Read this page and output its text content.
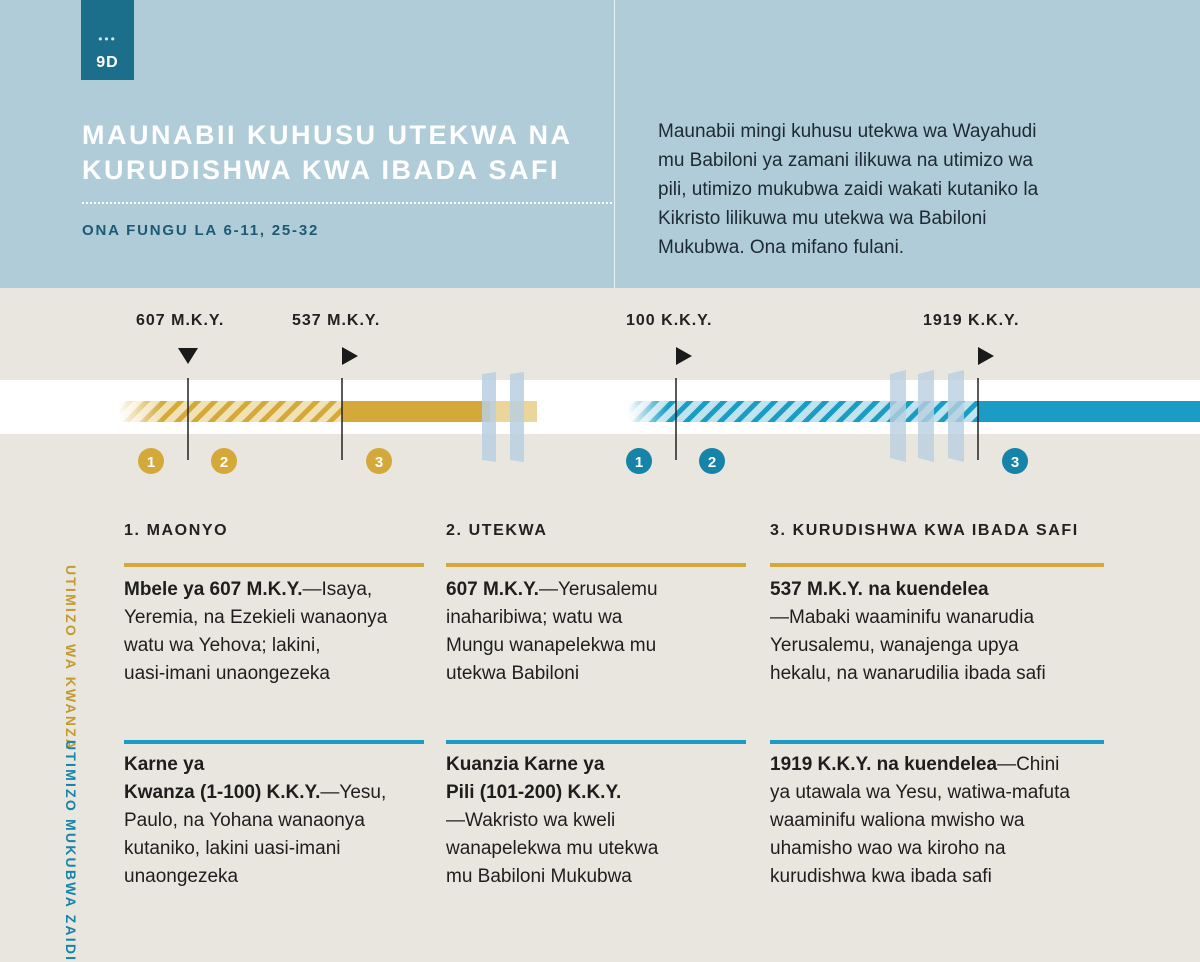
•••
9D
MAUNABII KUHUSU UTEKWA NA
KURUDISHWA KWA IBADA SAFI
ONA FUNGU LA 6-11, 25-32
Maunabii mingi kuhusu utekwa wa Wayahudi
mu Babiloni ya zamani ilikuwa na utimizo wa
pili, utimizo mukubwa zaidi wakati kutaniko la
Kikristo lilikuwa mu utekwa wa Babiloni
Mukubwa. Ona mifano fulani.
607 M.K.Y.	537 M.K.Y.	100 K.K.Y.	1919 K.K.Y.
1	2	3	1	2	3
1. MAONYO	2. UTEKWA	3. KURUDISHWA KWA IBADA SAFI
UTIMIZO WA KWANZA
Mbele ya 607 M.K.Y.—Isaya,
Yeremia, na Ezekieli wanaonya
watu wa Yehova; lakini,
uasi-imani unaongezeka
607 M.K.Y.—Yerusalemu
inaharibiwa; watu wa
Mungu wanapelekwa mu
utekwa Babiloni
537 M.K.Y. na kuendelea
—Mabaki waaminifu wanarudia
Yerusalemu, wanajenga upya
hekalu, na wanarudilia ibada safi
UTIMIZO MUKUBWA ZAIDI
Karne ya
Kwanza (1-100) K.K.Y.—Yesu,
Paulo, na Yohana wanaonya
kutaniko, lakini uasi-imani
unaongezeka
Kuanzia Karne ya
Pili (101-200) K.K.Y.
—Wakristo wa kweli
wanapelekwa mu utekwa
mu Babiloni Mukubwa
1919 K.K.Y. na kuendelea—Chini
ya utawala wa Yesu, watiwa-mafuta
waaminifu waliona mwisho wa
uhamisho wao wa kiroho na
kurudishwa kwa ibada safi
